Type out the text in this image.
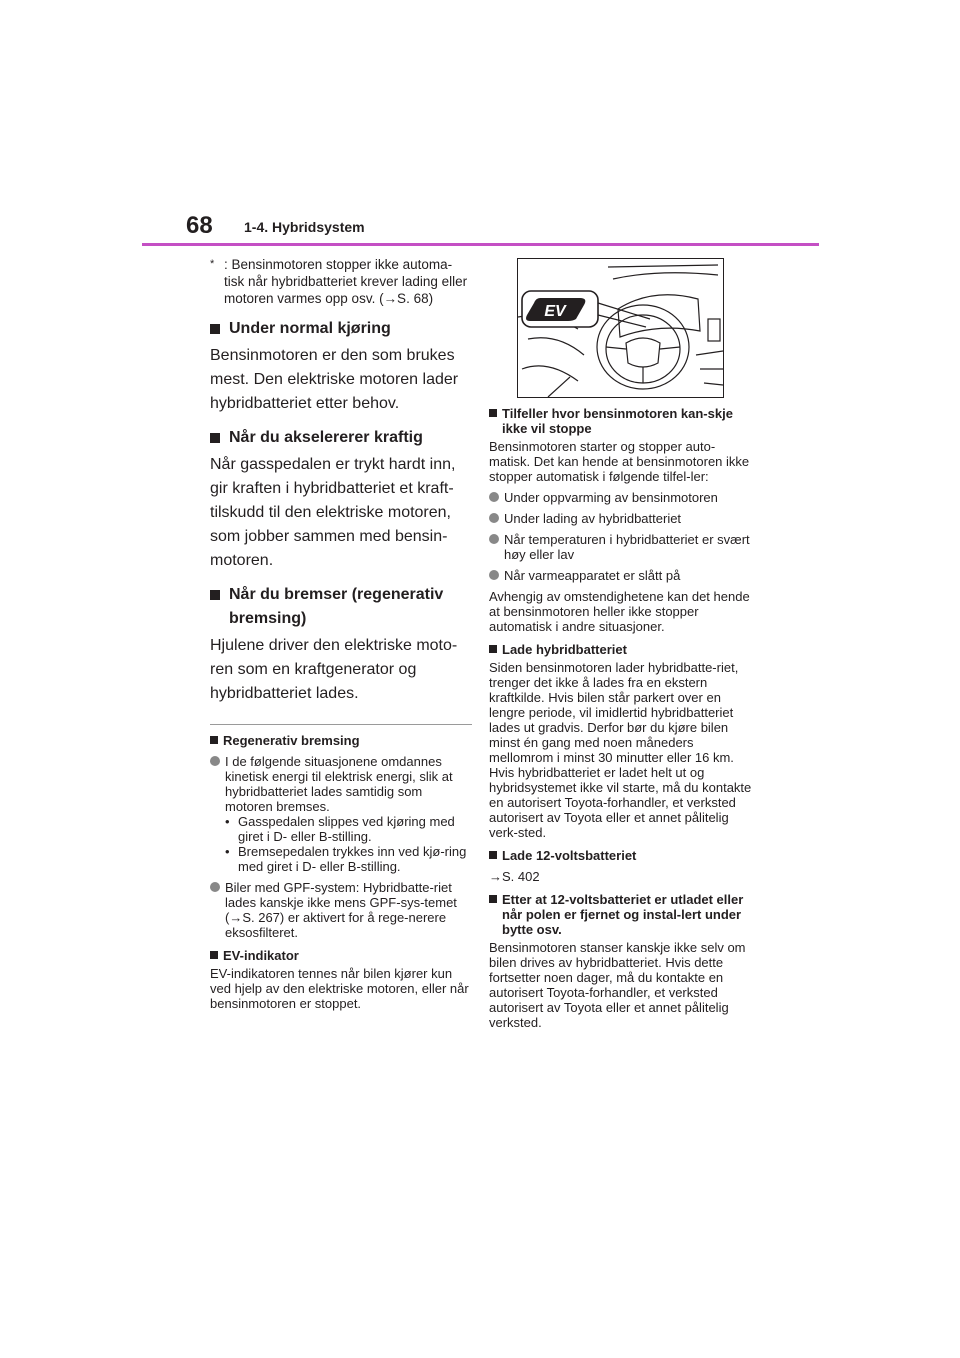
68 1-4. Hybridsystem
* : Bensinmotoren stopper ikke automa-tisk når hybridbatteriet krever lading eller motoren varmes opp osv. (→S. 68)
Under normal kjøring

Bensinmotoren er den som brukes mest. Den elektriske motoren lader hybridbatteriet etter behov.

Når du akselererer kraftig

Når gasspedalen er trykt hardt inn, gir kraften i hybridbatteriet et kraft-tilskudd til den elektriske motoren, som jobber sammen med bensin-motoren.

Når du bremser (regenerativ bremsing)

Hjulene driver den elektriske moto-ren som en kraftgenerator og hybridbatteriet lades.

Regenerativ bremsing
I de følgende situasjonene omdannes kinetisk energi til elektrisk energi, slik at hybridbatteriet lades samtidig som motoren bremses.
• Gasspedalen slippes ved kjøring med giret i D- eller B-stilling.
• Bremsepedalen trykkes inn ved kjø-ring med giret i D- eller B-stilling.
Biler med GPF-system: Hybridbatte-riet lades kanskje ikke mens GPF-sys-temet (→S. 267) er aktivert for å rege-nerere eksosfilteret.
EV-indikator

EV-indikatoren tennes når bilen kjører kun ved hjelp av den elektriske motoren, eller når bensinmotoren er stoppet.

EV
Tilfeller hvor bensinmotoren kan-skje ikke vil stoppe

Bensinmotoren starter og stopper auto-matisk. Det kan hende at bensinmotoren ikke stopper automatisk i følgende tilfel-ler:

Under oppvarming av bensinmotoren
Under lading av hybridbatteriet
Når temperaturen i hybridbatteriet er svært høy eller lav
Når varmeapparatet er slått på

Avhengig av omstendighetene kan det hende at bensinmotoren heller ikke stopper automatisk i andre situasjoner.

Lade hybridbatteriet

Siden bensinmotoren lader hybridbatte-riet, trenger det ikke å lades fra en ekstern kraftkilde. Hvis bilen står parkert over en lengre periode, vil imidlertid hybridbatteriet lades ut gradvis. Derfor bør du kjøre bilen minst én gang med noen måneders mellomrom i minst 30 minutter eller 16 km. Hvis hybridbatteriet er ladet helt ut og hybridsystemet ikke vil starte, må du kontakte en autorisert Toyota-forhandler, et verksted autorisert av Toyota eller et annet pålitelig verk-sted.

Lade 12-voltsbatteriet

→S. 402

Etter at 12-voltsbatteriet er utladet eller når polen er fjernet og instal-lert under bytte osv.

Bensinmotoren stanser kanskje ikke selv om bilen drives av hybridbatteriet. Hvis dette fortsetter noen dager, må du kontakte en autorisert Toyota-forhandler, et verksted autorisert av Toyota eller et annet pålitelig verksted.
